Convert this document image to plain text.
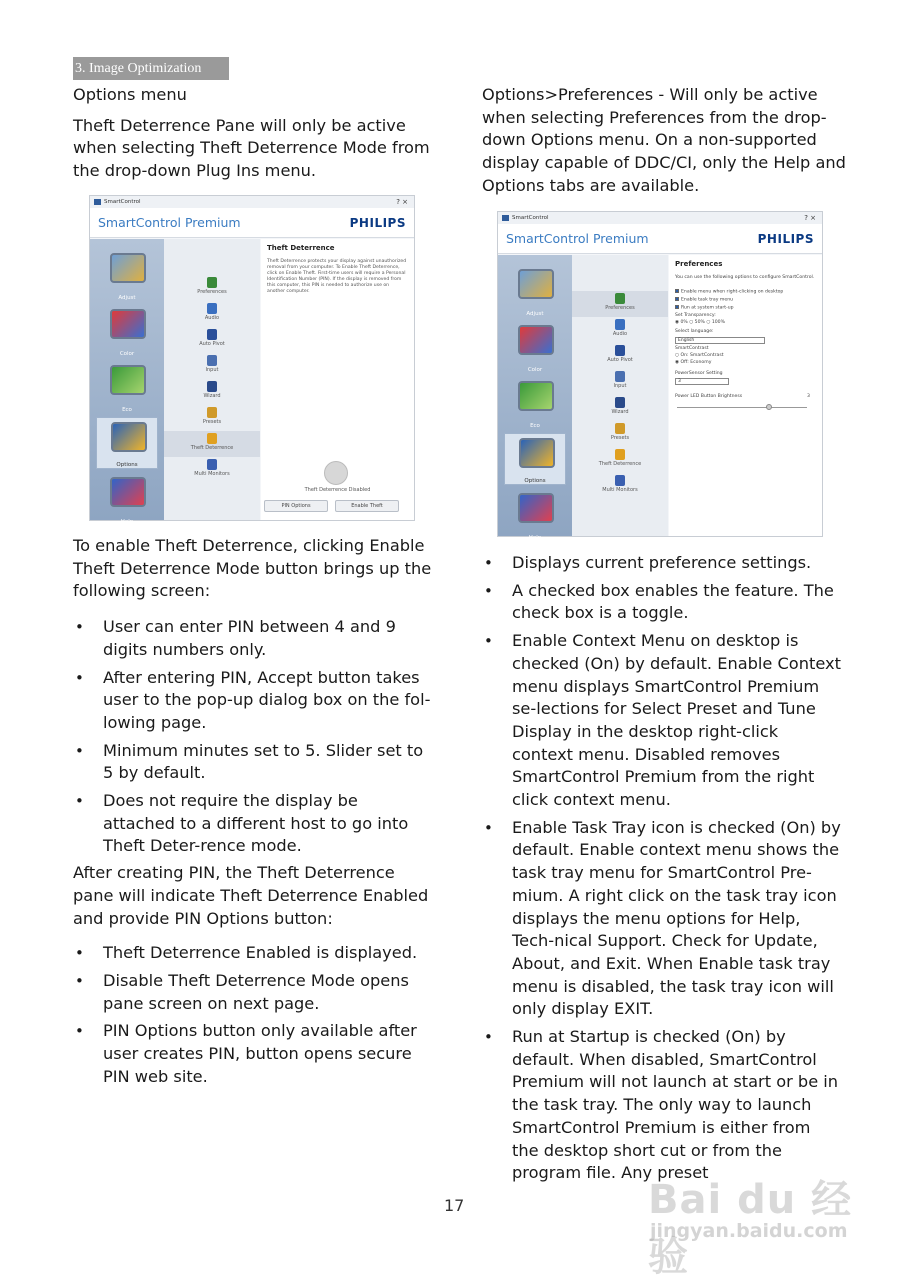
3. Image Optimization
Options menu

Theft Deterrence Pane will only be active when selecting Theft Deterrence Mode from the drop-down Plug Ins menu.

To enable Theft Deterrence, clicking Enable Theft Deterrence Mode button brings up the following screen:

• User can enter PIN between 4 and 9 digits numbers only.
• After entering PIN, Accept button takes user to the pop-up dialog box on the fol-lowing page.
• Minimum minutes set to 5. Slider set to 5 by default.
• Does not require the display be attached to a different host to go into Theft Deter-rence mode.

After creating PIN, the Theft Deterrence pane will indicate Theft Deterrence Enabled and provide PIN Options button:

• Theft Deterrence Enabled is displayed.
• Disable Theft Deterrence Mode opens pane screen on next page.
• PIN Options button only available after user creates PIN, button opens secure PIN web site.

Options>Preferences - Will only be active when selecting Preferences from the drop-down Options menu. On a non-supported display capable of DDC/CI, only the Help and Options tabs are available.

• Displays current preference settings.
• A checked box enables the feature. The check box is a toggle.
• Enable Context Menu on desktop is checked (On) by default. Enable Context menu displays SmartControl Premium se-lections for Select Preset and Tune Display in the desktop right-click context menu. Disabled removes SmartControl Premium from the right click context menu.
• Enable Task Tray icon is checked (On) by default. Enable context menu shows the task tray menu for SmartControl Pre-mium. A right click on the task tray icon displays the menu options for Help, Tech-nical Support. Check for Update, About, and Exit. When Enable task tray menu is disabled, the task tray icon will only display EXIT.
• Run at Startup is checked (On) by default. When disabled, SmartControl Premium will not launch at start or be in the task tray. The only way to launch SmartControl Premium is either from the desktop short cut or from the program file. Any preset
SmartControl	? ×
SmartControl Premium	PHILIPS
Adjust
Color
Eco
Options
Help
Preferences
Audio
Auto Pivot
Input
Wizard
Presets
Theft Deterrence
Multi Monitors
Theft Deterrence
Theft Deterrence protects your display against unauthorized removal from your computer. To Enable Theft Deterrence, click on Enable Theft. First-time users will require a Personal Identification Number (PIN). If the display is removed from this computer, this PIN is needed to authorize use on another computer.
Theft Deterrence Disabled
PIN Options	Enable Theft
SmartControl	? ×
SmartControl Premium	PHILIPS
Adjust
Color
Eco
Options
Help
Preferences
Audio
Auto Pivot
Input
Wizard
Presets
Theft Deterrence
Multi Monitors
Preferences
You can use the following options to configure SmartControl.
Enable menu when right-clicking on desktop
Enable task tray menu
Run at system start-up
Set Transparency:
◉ 0% ○ 50% ○ 100%
Select language:
English
SmartContrast
○ On: SmartContrast
◉ Off: Economy
PowerSensor Setting
3
Power LED Button Brightness	3
17	Bai du 经验
jingyan.baidu.com
